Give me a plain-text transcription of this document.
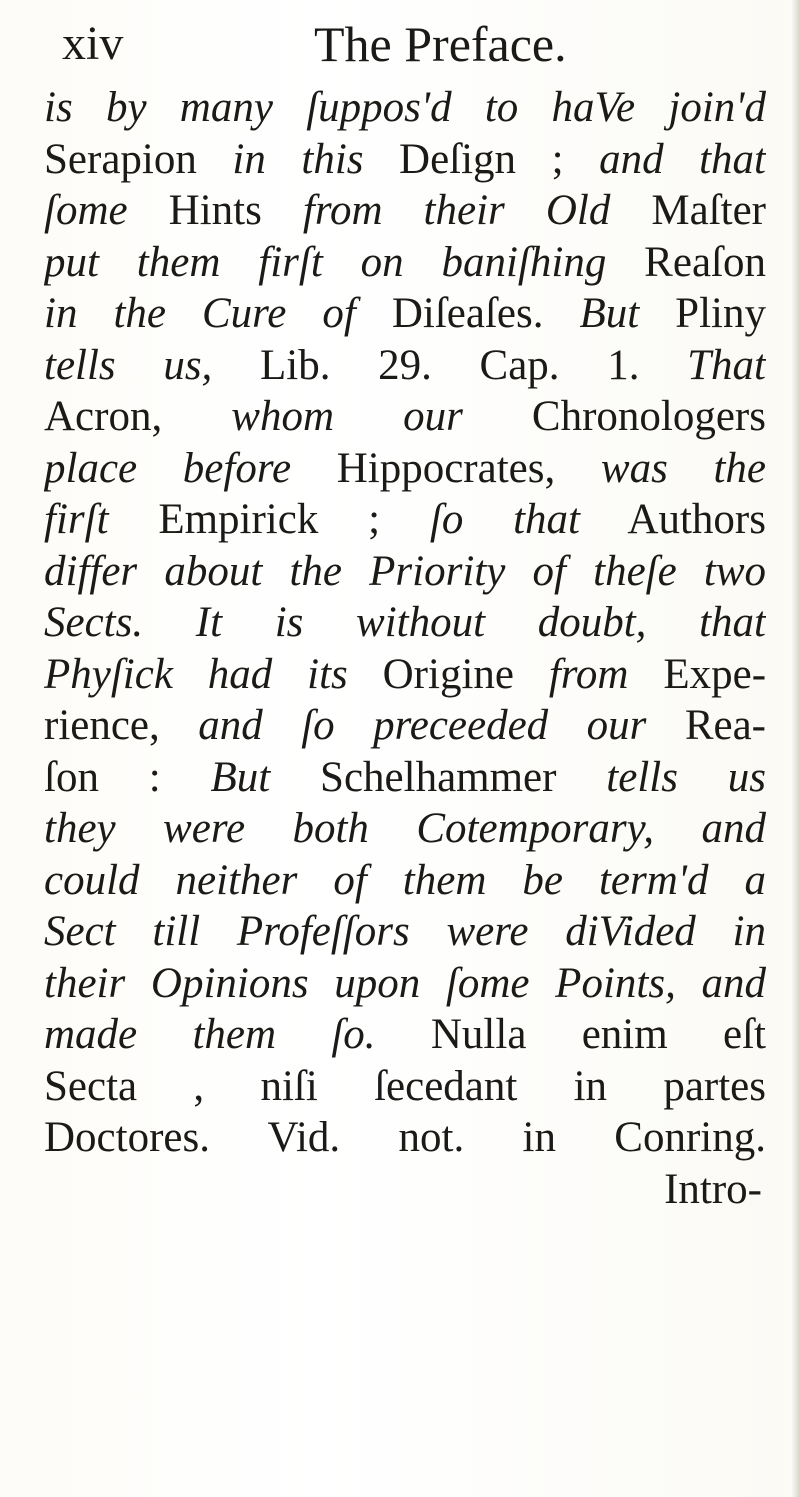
xiv	The Preface.
is by many ſuppos'd to haVe join'd
Serapion in this Deſign ; and that
ſome Hints from their Old Maſter
put them firſt on baniſhing Reaſon
in the Cure of Diſeaſes. But Pliny
tells us, Lib. 29. Cap. 1. That
Acron, whom our Chronologers
place before Hippocrates, was the
firſt Empirick ; ſo that Authors
differ about the Priority of theſe two
Sects. It is without doubt, that
Phyſick had its Origine from Expe-
rience, and ſo preceeded our Rea-
ſon : But Schelhammer tells us
they were both Cotemporary, and
could neither of them be term'd a
Sect till Profeſſors were diVided in
their Opinions upon ſome Points, and
made them ſo. Nulla enim eſt
Secta , niſi ſecedant in partes
Doctores. Vid. not. in Conring.
Intro-
